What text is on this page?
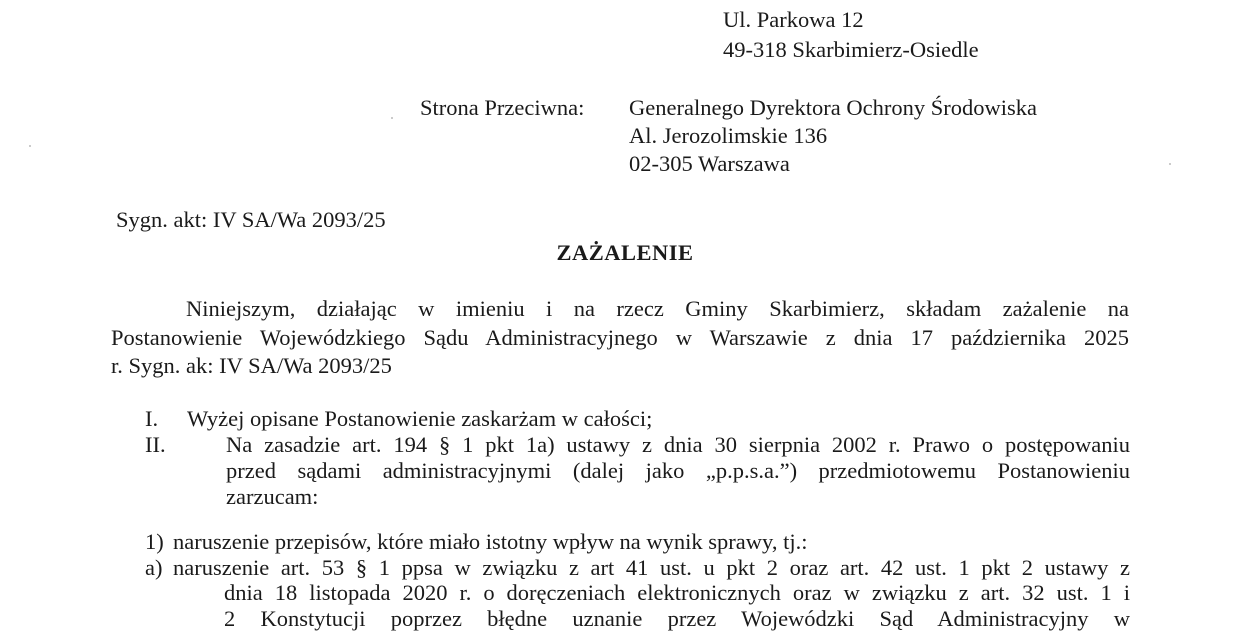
Ul. Parkowa 12
49-318 Skarbimierz-Osiedle
Strona Przeciwna: Generalnego Dyrektora Ochrony Środowiska
Al. Jerozolimskie 136
02-305 Warszawa
Sygn. akt: IV SA/Wa 2093/25
ZAŻALENIE
Niniejszym, działając w imieniu i na rzecz Gminy Skarbimierz, składam zażalenie na
Postanowienie Wojewódzkiego Sądu Administracyjnego w Warszawie z dnia 17 października 2025
r. Sygn. ak: IV SA/Wa 2093/25
I. Wyżej opisane Postanowienie zaskarżam w całości;
II.	Na zasadzie art. 194 § 1 pkt 1a) ustawy z dnia 30 sierpnia 2002 r. Prawo o postępowaniu
przed sądami administracyjnymi (dalej jako „p.p.s.a.”) przedmiotowemu Postanowieniu
zarzucam:
1) naruszenie przepisów, które miało istotny wpływ na wynik sprawy, tj.:
a) naruszenie art. 53 § 1 ppsa w związku z art 41 ust. u pkt 2 oraz art. 42 ust. 1 pkt 2 ustawy z
dnia 18 listopada 2020 r. o doręczeniach elektronicznych oraz w związku z art. 32 ust. 1 i
2 Konstytucji poprzez błędne uznanie przez Wojewódzki Sąd Administracyjny w
